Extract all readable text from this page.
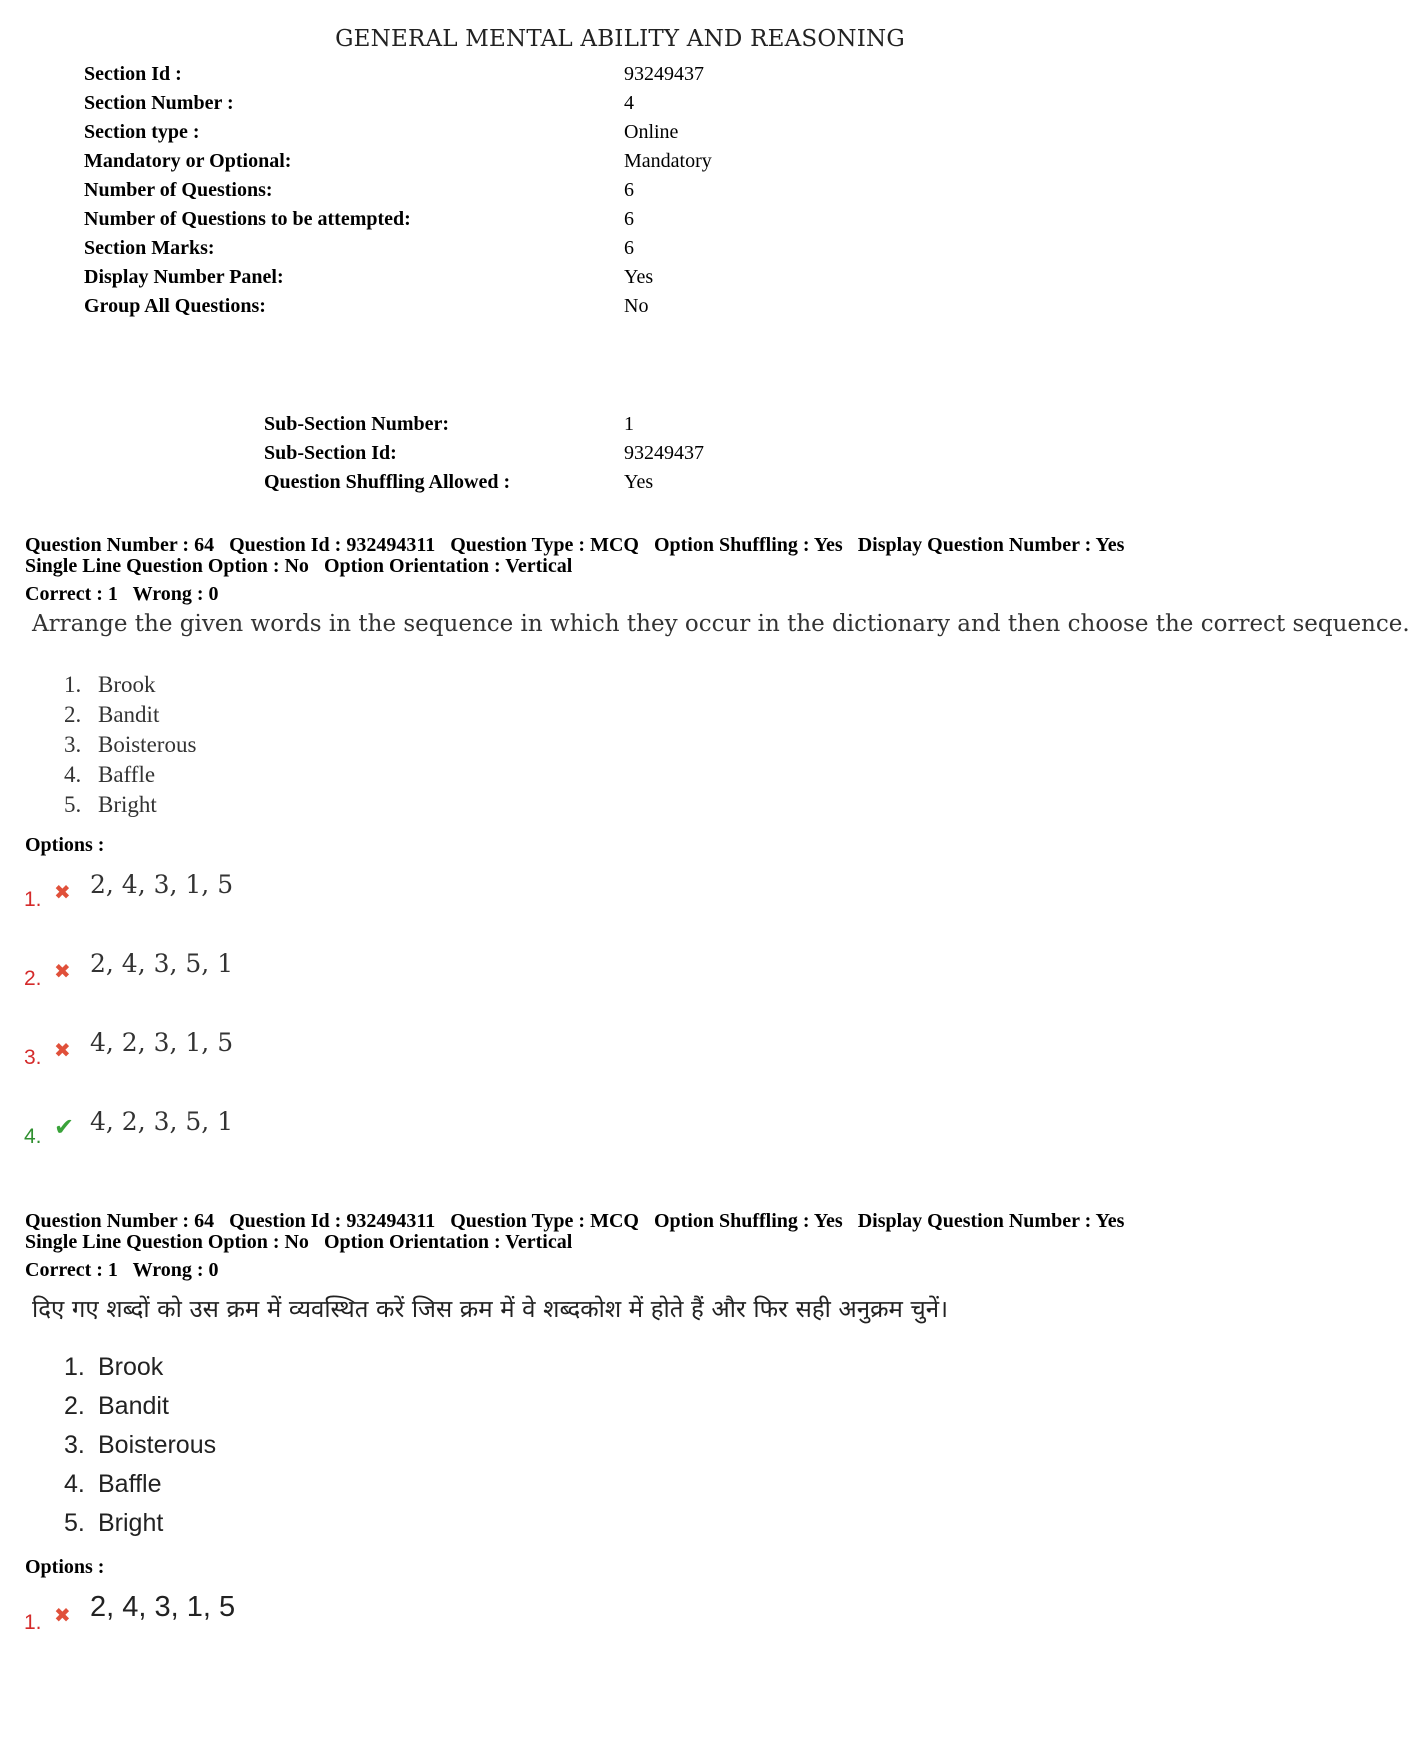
GENERAL MENTAL ABILITY AND REASONING
Section Id :	93249437
Section Number :	4
Section type :	Online
Mandatory or Optional:	Mandatory
Number of Questions:	6
Number of Questions to be attempted:	6
Section Marks:	6
Display Number Panel:	Yes
Group All Questions:	No
Sub-Section Number:	1
Sub-Section Id:	93249437
Question Shuffling Allowed :	Yes
Question Number : 64 Question Id : 932494311 Question Type : MCQ Option Shuffling : Yes Display Question Number : Yes
Single Line Question Option : No Option Orientation : Vertical
Correct : 1 Wrong : 0
Arrange the given words in the sequence in which they occur in the dictionary and then choose the correct sequence.
1. Brook
2. Bandit
3. Boisterous
4. Baffle
5. Bright
Options :
1. ✖ 2, 4, 3, 1, 5
2. ✖ 2, 4, 3, 5, 1
3. ✖ 4, 2, 3, 1, 5
4. ✔ 4, 2, 3, 5, 1
Question Number : 64 Question Id : 932494311 Question Type : MCQ Option Shuffling : Yes Display Question Number : Yes
Single Line Question Option : No Option Orientation : Vertical
Correct : 1 Wrong : 0
दिए गए शब्दों को उस क्रम में व्यवस्थित करें जिस क्रम में वे शब्दकोश में होते हैं और फिर सही अनुक्रम चुनें।
1. Brook
2. Bandit
3. Boisterous
4. Baffle
5. Bright
Options :
1. ✖ 2, 4, 3, 1, 5
